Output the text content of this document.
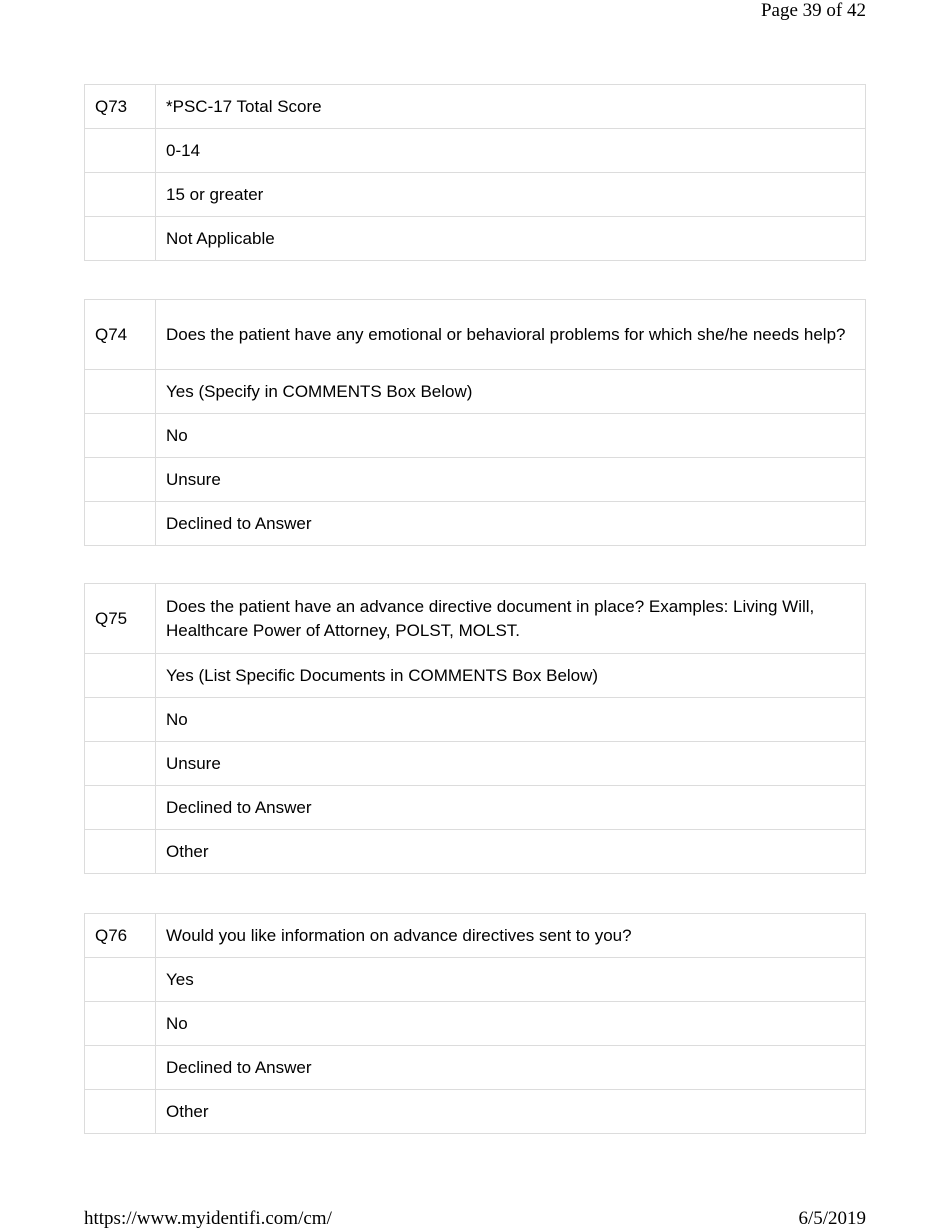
Page 39 of 42
Q73	*PSC-17 Total Score
	0-14
	15 or greater
	Not Applicable
Q74	Does the patient have any emotional or behavioral problems for which she/he needs help?
	Yes (Specify in COMMENTS Box Below)
	No
	Unsure
	Declined to Answer
Q75	Does the patient have an advance directive document in place? Examples: Living Will, Healthcare Power of Attorney, POLST, MOLST.
	Yes (List Specific Documents in COMMENTS Box Below)
	No
	Unsure
	Declined to Answer
	Other
Q76	Would you like information on advance directives sent to you?
	Yes
	No
	Declined to Answer
	Other
https://www.myidentifi.com/cm/	6/5/2019
